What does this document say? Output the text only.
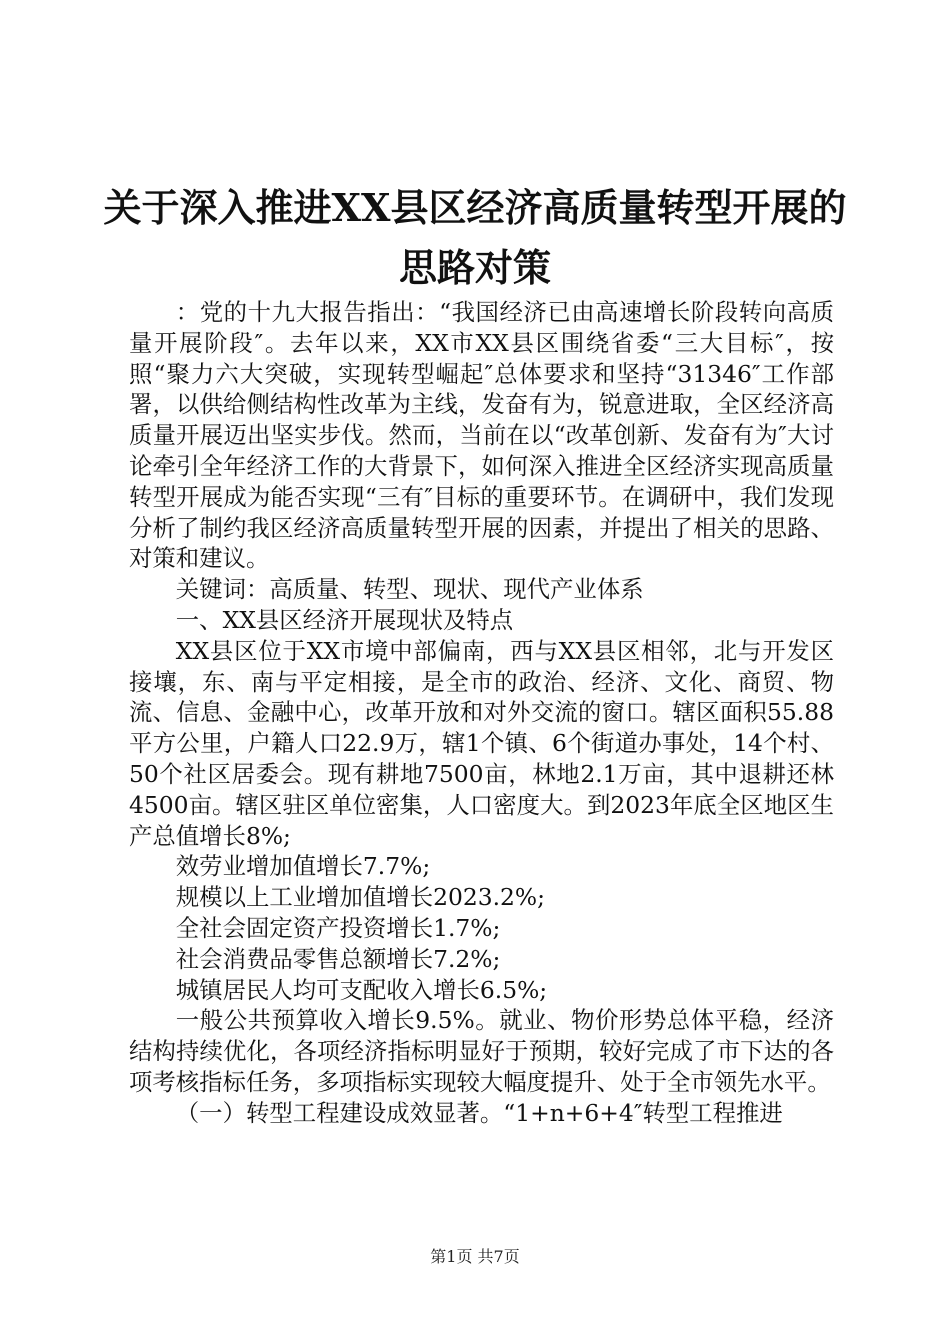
关于深入推进XX县区经济高质量转型开展的
思路对策

：党的十九大报告指出：“我国经济已由高速增长阶段转向高质量开展阶段″。去年以来，XX市XX县区围绕省委“三大目标″，按照“聚力六大突破，实现转型崛起″总体要求和坚持“31346″工作部署，以供给侧结构性改革为主线，发奋有为，锐意进取，全区经济高质量开展迈出坚实步伐。然而，当前在以“改革创新、发奋有为″大讨论牵引全年经济工作的大背景下，如何深入推进全区经济实现高质量转型开展成为能否实现“三有″目标的重要环节。在调研中，我们发现分析了制约我区经济高质量转型开展的因素，并提出了相关的思路、对策和建议。

关键词：高质量、转型、现状、现代产业体系

一、XX县区经济开展现状及特点

XX县区位于XX市境中部偏南，西与XX县区相邻，北与开发区接壤，东、南与平定相接，是全市的政治、经济、文化、商贸、物流、信息、金融中心，改革开放和对外交流的窗口。辖区面积55.88平方公里，户籍人口22.9万，辖1个镇、6个街道办事处，14个村、50个社区居委会。现有耕地7500亩，林地2.1万亩，其中退耕还林4500亩。辖区驻区单位密集，人口密度大。到2023年底全区地区生产总值增长8%;

效劳业增加值增长7.7%;

规模以上工业增加值增长2023.2%;

全社会固定资产投资增长1.7%;

社会消费品零售总额增长7.2%;

城镇居民人均可支配收入增长6.5%;

一般公共预算收入增长9.5%。就业、物价形势总体平稳，经济结构持续优化，各项经济指标明显好于预期，较好完成了市下达的各项考核指标任务，多项指标实现较大幅度提升、处于全市领先水平。

（一）转型工程建设成效显著。“1+n+6+4″转型工程推进

第1页 共7页
